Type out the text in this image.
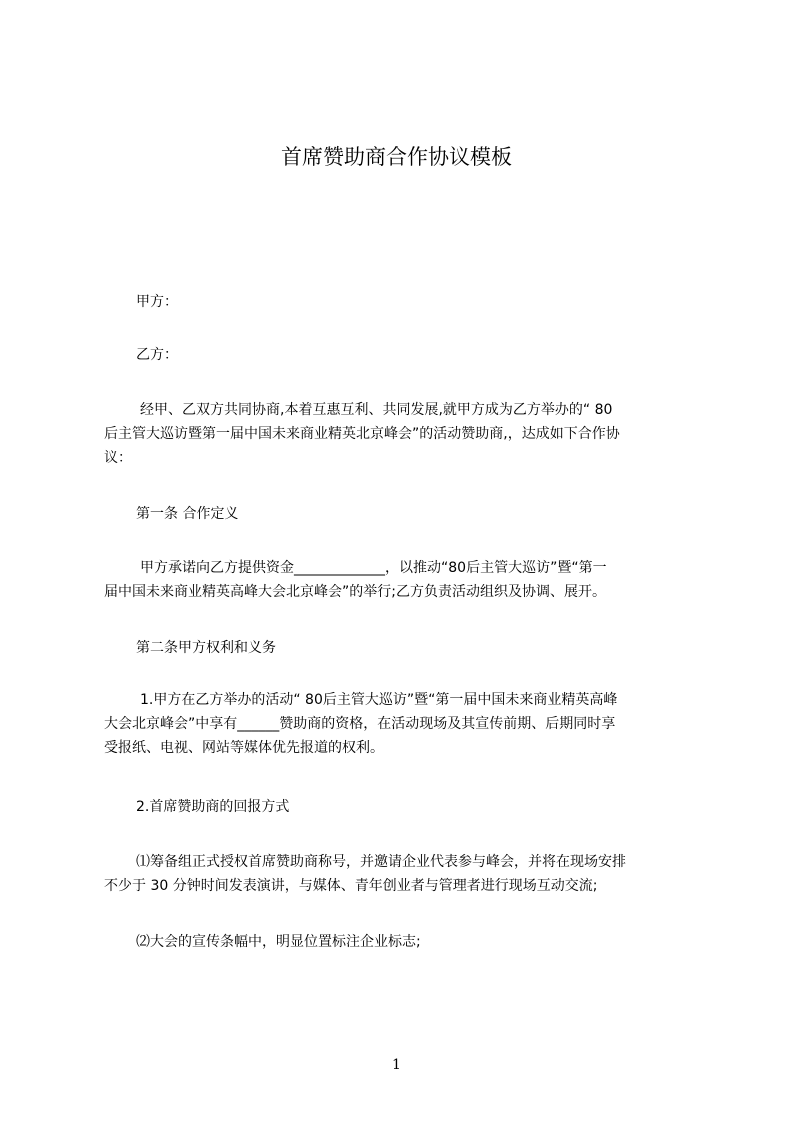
首席赞助商合作协议模板
甲方：
乙方：
经甲、乙双方共同协商,本着互惠互利、共同发展,就甲方成为乙方举办的“ 80
后主管大巡访暨第一届中国未来商业精英北京峰会”的活动赞助商,，达成如下合作协
议：
第一条 合作定义
甲方承诺向乙方提供资金_____________，以推动“80后主管大巡访”暨“第一
届中国未来商业精英高峰大会北京峰会”的举行;乙方负责活动组织及协调、展开。
第二条甲方权利和义务
1.甲方在乙方举办的活动“ 80后主管大巡访”暨“第一届中国未来商业精英高峰
大会北京峰会”中享有______赞助商的资格，在活动现场及其宣传前期、后期同时享
受报纸、电视、网站等媒体优先报道的权利。
2.首席赞助商的回报方式
⑴筹备组正式授权首席赞助商称号，并邀请企业代表参与峰会，并将在现场安排
不少于 30 分钟时间发表演讲，与媒体、青年创业者与管理者进行现场互动交流;
⑵大会的宣传条幅中，明显位置标注企业标志;
1
